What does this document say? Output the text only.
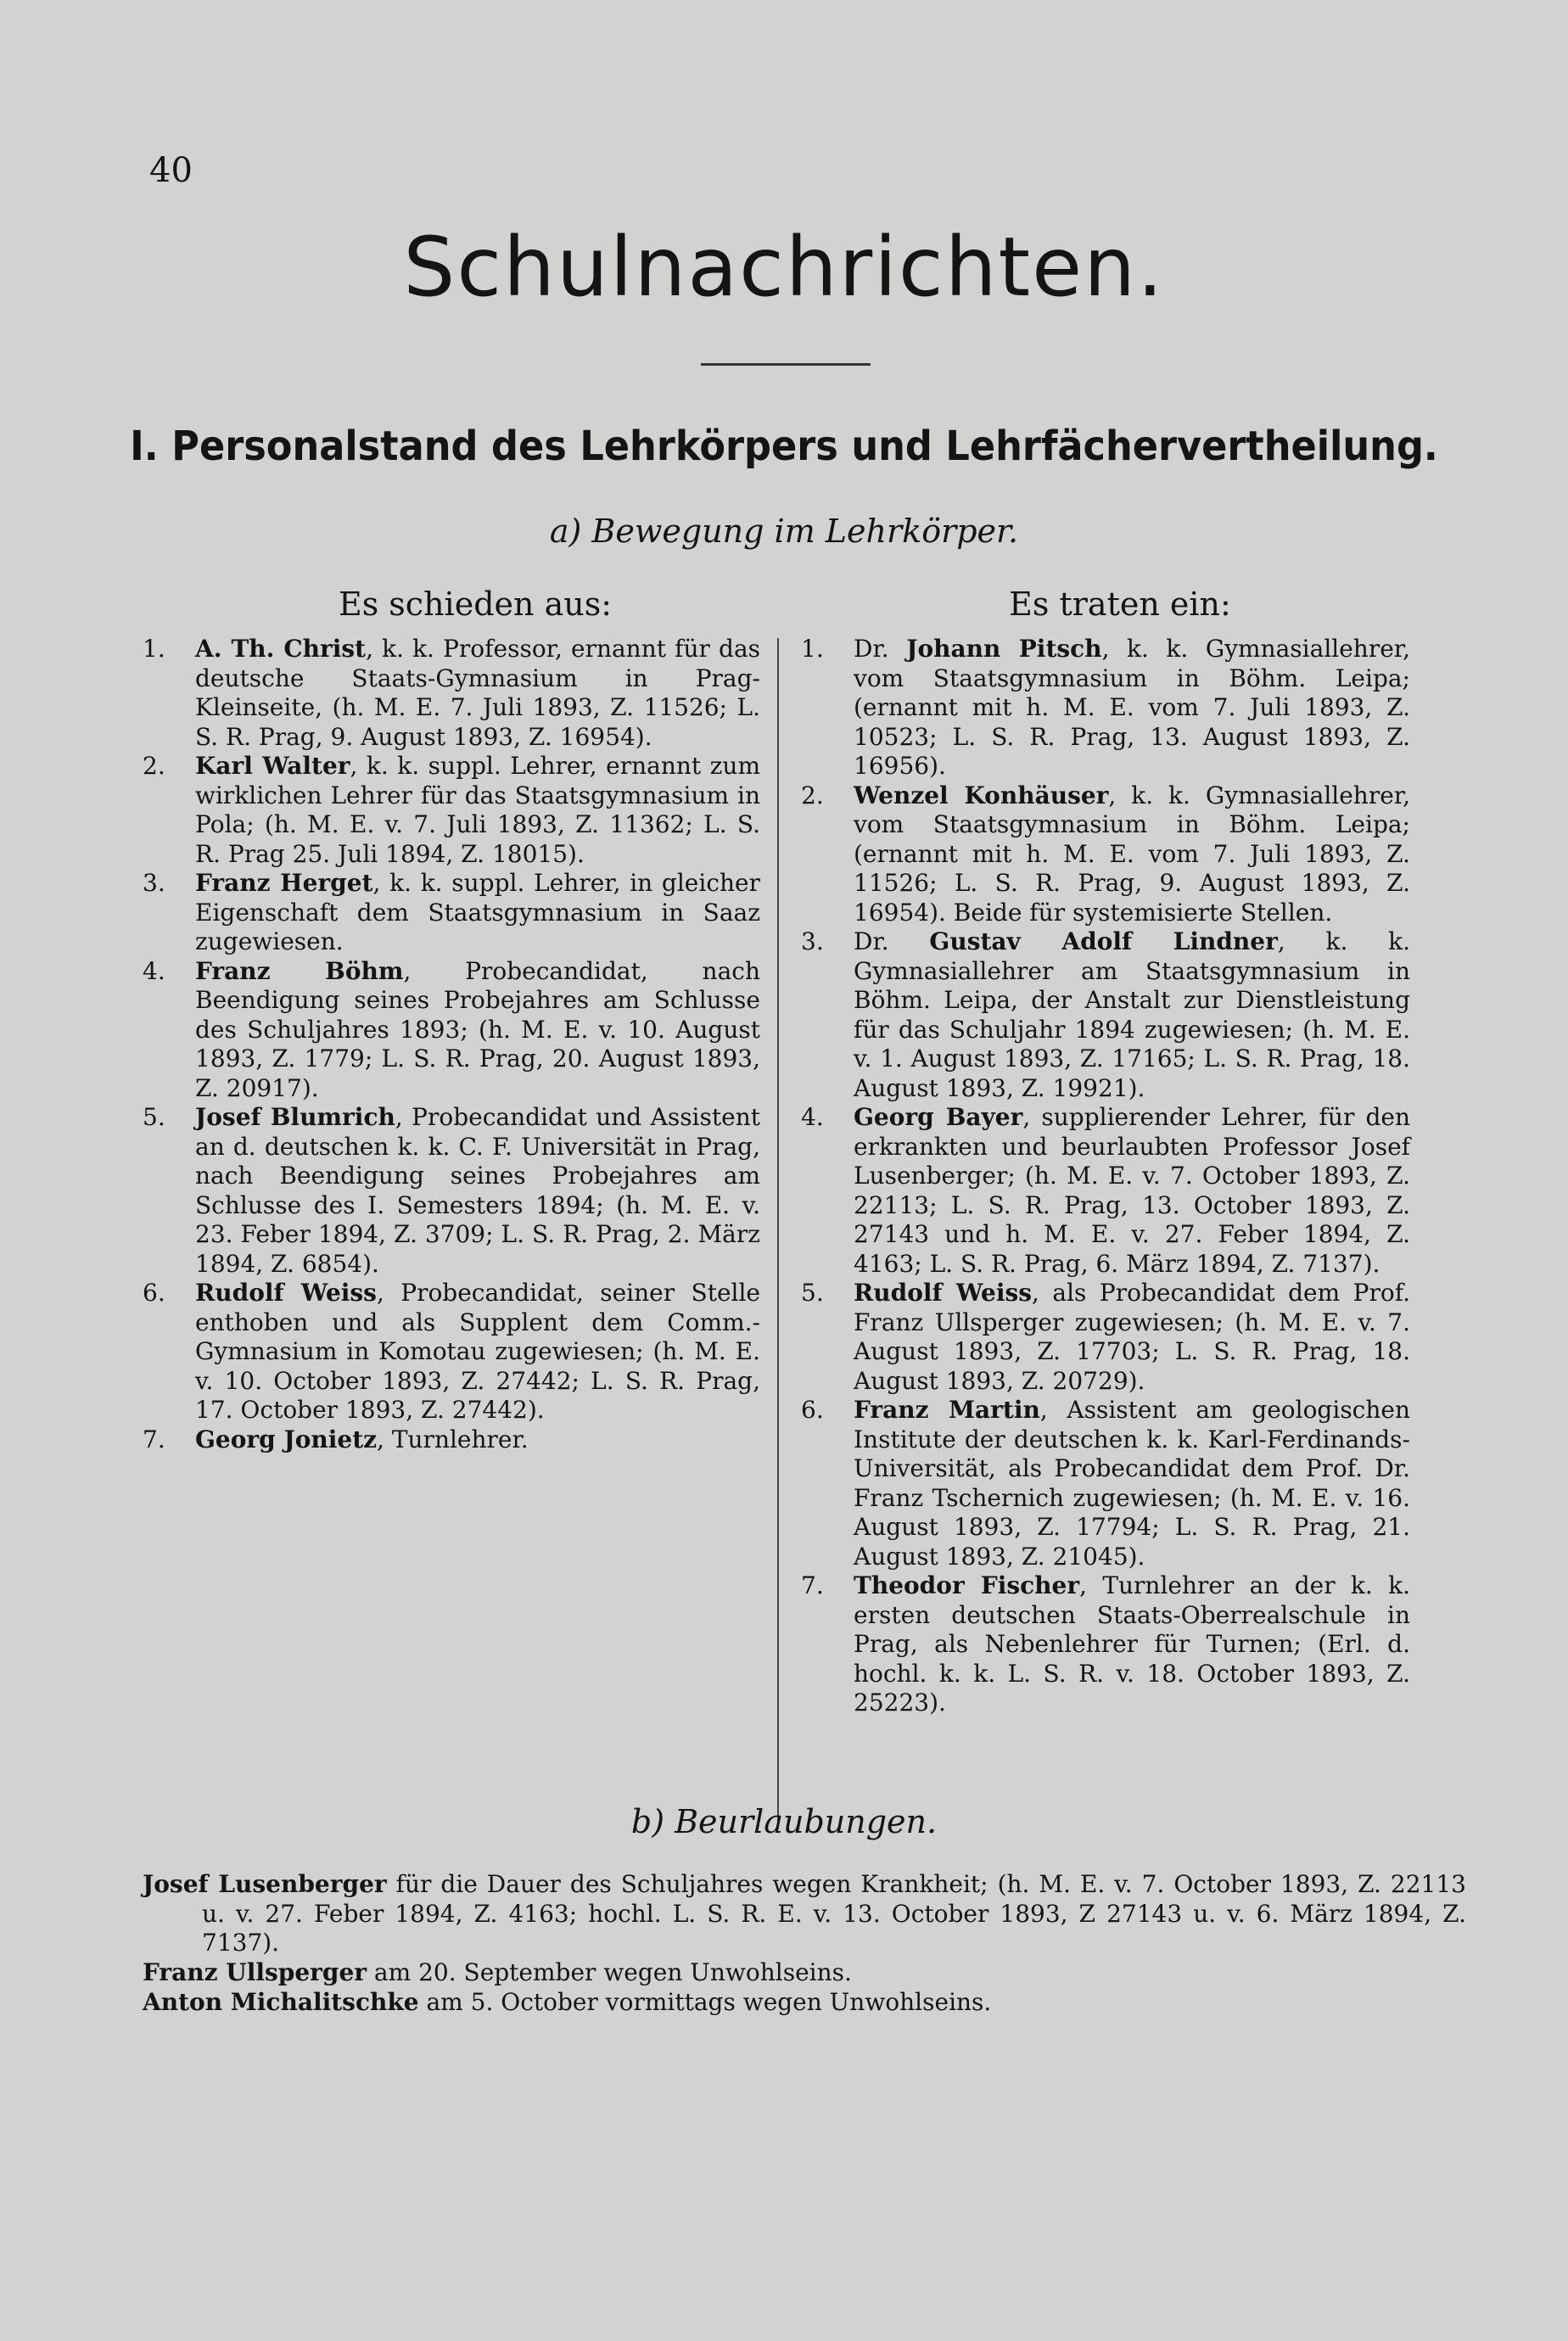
40
Schulnachrichten.
I. Personalstand des Lehrkörpers und Lehrfächervertheilung.
a) Bewegung im Lehrkörper.
Es schieden aus:	Es traten ein:
1. A. Th. Christ, k. k. Professor, ernannt für das deutsche Staats-Gymnasium in Prag-Kleinseite, (h. M. E. 7. Juli 1893, Z. 11526; L. S. R. Prag, 9. August 1893, Z. 16954).
2. Karl Walter, k. k. suppl. Lehrer, ernannt zum wirklichen Lehrer für das Staatsgymnasium in Pola; (h. M. E. v. 7. Juli 1893, Z. 11362; L. S. R. Prag 25. Juli 1894, Z. 18015).
3. Franz Herget, k. k. suppl. Lehrer, in gleicher Eigenschaft dem Staatsgymnasium in Saaz zugewiesen.
4. Franz Böhm, Probecandidat, nach Beendigung seines Probejahres am Schlusse des Schuljahres 1893; (h. M. E. v. 10. August 1893, Z. 1779; L. S. R. Prag, 20. August 1893, Z. 20917).
5. Josef Blumrich, Probecandidat und Assistent an d. deutschen k. k. C. F. Universität in Prag, nach Beendigung seines Probejahres am Schlusse des I. Semesters 1894; (h. M. E. v. 23. Feber 1894, Z. 3709; L. S. R. Prag, 2. März 1894, Z. 6854).
6. Rudolf Weiss, Probecandidat, seiner Stelle enthoben und als Supplent dem Comm.-Gymnasium in Komotau zugewiesen; (h. M. E. v. 10. October 1893, Z. 27442; L. S. R. Prag, 17. October 1893, Z. 27442).
7. Georg Jonietz, Turnlehrer.
1. Dr. Johann Pitsch, k. k. Gymnasiallehrer, vom Staatsgymnasium in Böhm. Leipa; (ernannt mit h. M. E. vom 7. Juli 1893, Z. 10523; L. S. R. Prag, 13. August 1893, Z. 16956).
2. Wenzel Konhäuser, k. k. Gymnasiallehrer, vom Staatsgymnasium in Böhm. Leipa; (ernannt mit h. M. E. vom 7. Juli 1893, Z. 11526; L. S. R. Prag, 9. August 1893, Z. 16954). Beide für systemisierte Stellen.
3. Dr. Gustav Adolf Lindner, k. k. Gymnasiallehrer am Staatsgymnasium in Böhm. Leipa, der Anstalt zur Dienstleistung für das Schuljahr 1894 zugewiesen; (h. M. E. v. 1. August 1893, Z. 17165; L. S. R. Prag, 18. August 1893, Z. 19921).
4. Georg Bayer, supplierender Lehrer, für den erkrankten und beurlaubten Professor Josef Lusenberger; (h. M. E. v. 7. October 1893, Z. 22113; L. S. R. Prag, 13. October 1893, Z. 27143 und h. M. E. v. 27. Feber 1894, Z. 4163; L. S. R. Prag, 6. März 1894, Z. 7137).
5. Rudolf Weiss, als Probecandidat dem Prof. Franz Ullsperger zugewiesen; (h. M. E. v. 7. August 1893, Z. 17703; L. S. R. Prag, 18. August 1893, Z. 20729).
6. Franz Martin, Assistent am geologischen Institute der deutschen k. k. Karl-Ferdinands-Universität, als Probecandidat dem Prof. Dr. Franz Tschernich zugewiesen; (h. M. E. v. 16. August 1893, Z. 17794; L. S. R. Prag, 21. August 1893, Z. 21045).
7. Theodor Fischer, Turnlehrer an der k. k. ersten deutschen Staats-Oberrealschule in Prag, als Nebenlehrer für Turnen; (Erl. d. hochl. k. k. L. S. R. v. 18. October 1893, Z. 25223).
b) Beurlaubungen.
Josef Lusenberger für die Dauer des Schuljahres wegen Krankheit; (h. M. E. v. 7. October 1893, Z. 22113 u. v. 27. Feber 1894, Z. 4163; hochl. L. S. R. E. v. 13. October 1893, Z 27143 u. v. 6. März 1894, Z. 7137).
Franz Ullsperger am 20. September wegen Unwohlseins.
Anton Michalitschke am 5. October vormittags wegen Unwohlseins.
